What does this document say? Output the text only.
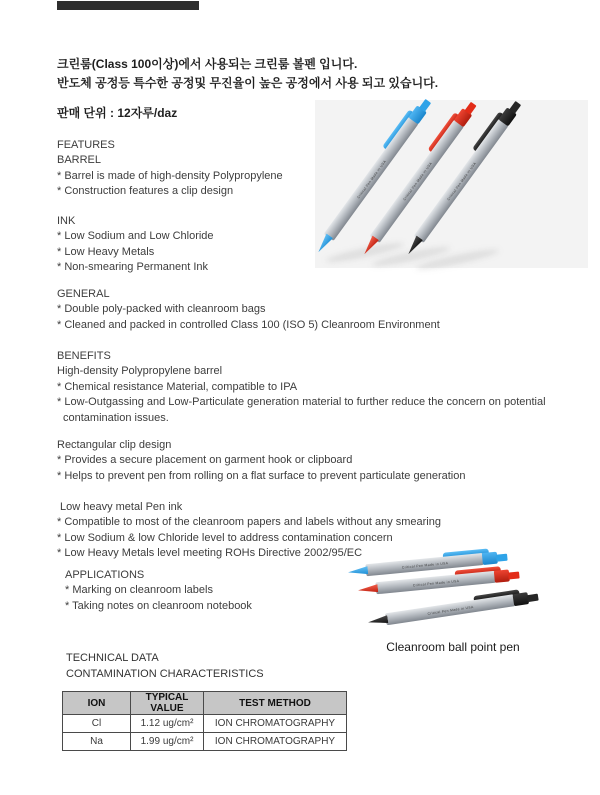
크린룸(Class 100이상)에서 사용되는 크린룸 볼펜 입니다.
반도체 공정등 특수한 공정및 무진율이 높은 공정에서 사용 되고 있습니다.
판매 단위 : 12자루/daz
FEATURES
BARREL
* Barrel is made of high-density Polypropylene
* Construction features a clip design
INK
* Low Sodium and Low Chloride
* Low Heavy Metals
* Non-smearing Permanent Ink
GENERAL
* Double poly-packed with cleanroom bags
* Cleaned and packed in controlled Class 100 (ISO 5) Cleanroom Environment
BENEFITS
High-density Polypropylene barrel
* Chemical resistance Material, compatible to IPA
* Low-Outgassing and Low-Particulate generation material to further reduce the concern on potential
contamination issues.
Rectangular clip design
* Provides a secure placement on garment hook or clipboard
* Helps to prevent pen from rolling on a flat surface to prevent particulate generation
Low heavy metal Pen ink
* Compatible to most of the cleanroom papers and labels without any smearing
* Low Sodium & low Chloride level to address contamination concern
* Low Heavy Metals level meeting ROHs Directive 2002/95/EC
APPLICATIONS
* Marking on cleanroom labels
* Taking notes on cleanroom notebook
TECHNICAL DATA
CONTAMINATION CHARACTERISTICS
ION	TYPICAL VALUE	TEST METHOD
Cl	1.12 ug/cm²	ION CHROMATOGRAPHY
Na	1.99 ug/cm²	ION CHROMATOGRAPHY
Critical Pen Made in USA	Critical Pen Made in USA	Critical Pen Made in USA
Critical Pen Made in USA
Critical Pen Made in USA
Critical Pen Made in USA
Cleanroom ball point pen
